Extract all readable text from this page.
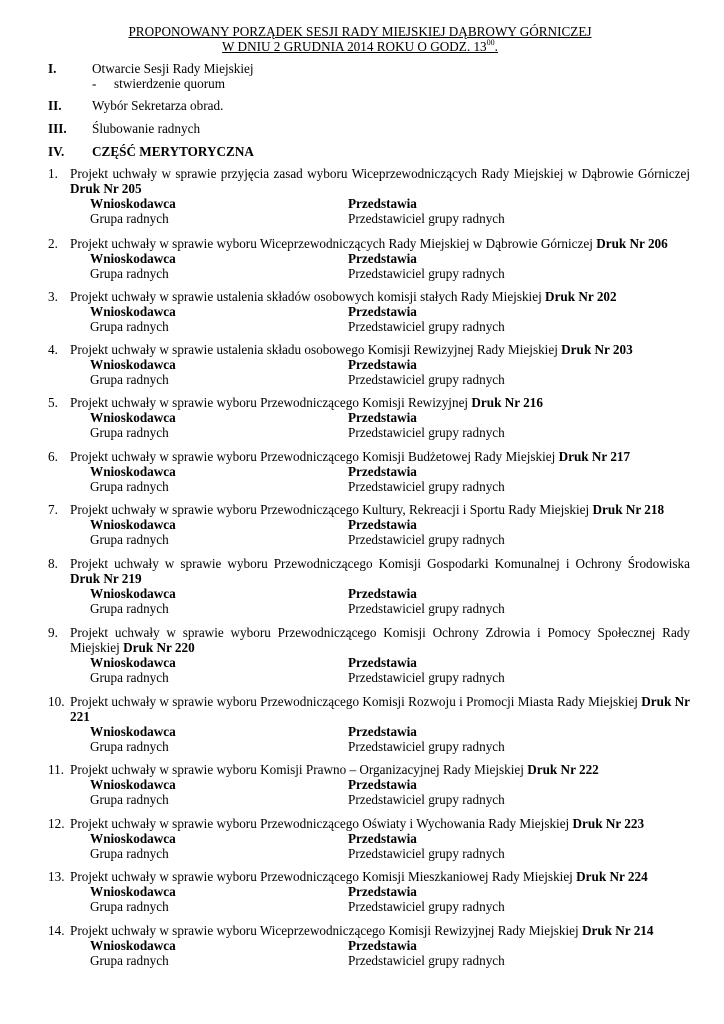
PROPONOWANY PORZĄDEK SESJI RADY MIEJSKIEJ DĄBROWY GÓRNICZEJ
W DNIU 2 GRUDNIA 2014 ROKU O GODZ. $13^{00}$.
I.	Otwarcie Sesji Rady Miejskiej
- stwierdzenie quorum
II.	Wybór Sekretarza obrad.
III.	Ślubowanie radnych
IV.	CZĘŚĆ MERYTORYCZNA
1. Projekt uchwały w sprawie przyjęcia zasad wyboru Wiceprzewodniczących Rady Miejskiej w Dąbrowie Górniczej Druk Nr 205
Wnioskodawca	Przedstawia
Grupa radnych	Przedstawiciel grupy radnych
2. Projekt uchwały w sprawie wyboru Wiceprzewodniczących Rady Miejskiej w Dąbrowie Górniczej Druk Nr 206
Wnioskodawca	Przedstawia
Grupa radnych	Przedstawiciel grupy radnych
3. Projekt uchwały w sprawie ustalenia składów osobowych komisji stałych Rady Miejskiej Druk Nr 202
Wnioskodawca	Przedstawia
Grupa radnych	Przedstawiciel grupy radnych
4. Projekt uchwały w sprawie ustalenia składu osobowego Komisji Rewizyjnej Rady Miejskiej Druk Nr 203
Wnioskodawca	Przedstawia
Grupa radnych	Przedstawiciel grupy radnych
5. Projekt uchwały w sprawie wyboru Przewodniczącego Komisji Rewizyjnej Druk Nr 216
Wnioskodawca	Przedstawia
Grupa radnych	Przedstawiciel grupy radnych
6. Projekt uchwały w sprawie wyboru Przewodniczącego Komisji Budżetowej Rady Miejskiej Druk Nr 217
Wnioskodawca	Przedstawia
Grupa radnych	Przedstawiciel grupy radnych
7. Projekt uchwały w sprawie wyboru Przewodniczącego Kultury, Rekreacji i Sportu Rady Miejskiej Druk Nr 218
Wnioskodawca	Przedstawia
Grupa radnych	Przedstawiciel grupy radnych
8. Projekt uchwały w sprawie wyboru Przewodniczącego Komisji Gospodarki Komunalnej i Ochrony Środowiska Druk Nr 219
Wnioskodawca	Przedstawia
Grupa radnych	Przedstawiciel grupy radnych
9. Projekt uchwały w sprawie wyboru Przewodniczącego Komisji Ochrony Zdrowia i Pomocy Społecznej Rady Miejskiej Druk Nr 220
Wnioskodawca	Przedstawia
Grupa radnych	Przedstawiciel grupy radnych
10. Projekt uchwały w sprawie wyboru Przewodniczącego Komisji Rozwoju i Promocji Miasta Rady Miejskiej Druk Nr 221
Wnioskodawca	Przedstawia
Grupa radnych	Przedstawiciel grupy radnych
11. Projekt uchwały w sprawie wyboru Komisji Prawno – Organizacyjnej Rady Miejskiej Druk Nr 222
Wnioskodawca	Przedstawia
Grupa radnych	Przedstawiciel grupy radnych
12. Projekt uchwały w sprawie wyboru Przewodniczącego Oświaty i Wychowania Rady Miejskiej Druk Nr 223
Wnioskodawca	Przedstawia
Grupa radnych	Przedstawiciel grupy radnych
13. Projekt uchwały w sprawie wyboru Przewodniczącego Komisji Mieszkaniowej Rady Miejskiej Druk Nr 224
Wnioskodawca	Przedstawia
Grupa radnych	Przedstawiciel grupy radnych
14. Projekt uchwały w sprawie wyboru Wiceprzewodniczącego Komisji Rewizyjnej Rady Miejskiej Druk Nr 214
Wnioskodawca	Przedstawia
Grupa radnych	Przedstawiciel grupy radnych
